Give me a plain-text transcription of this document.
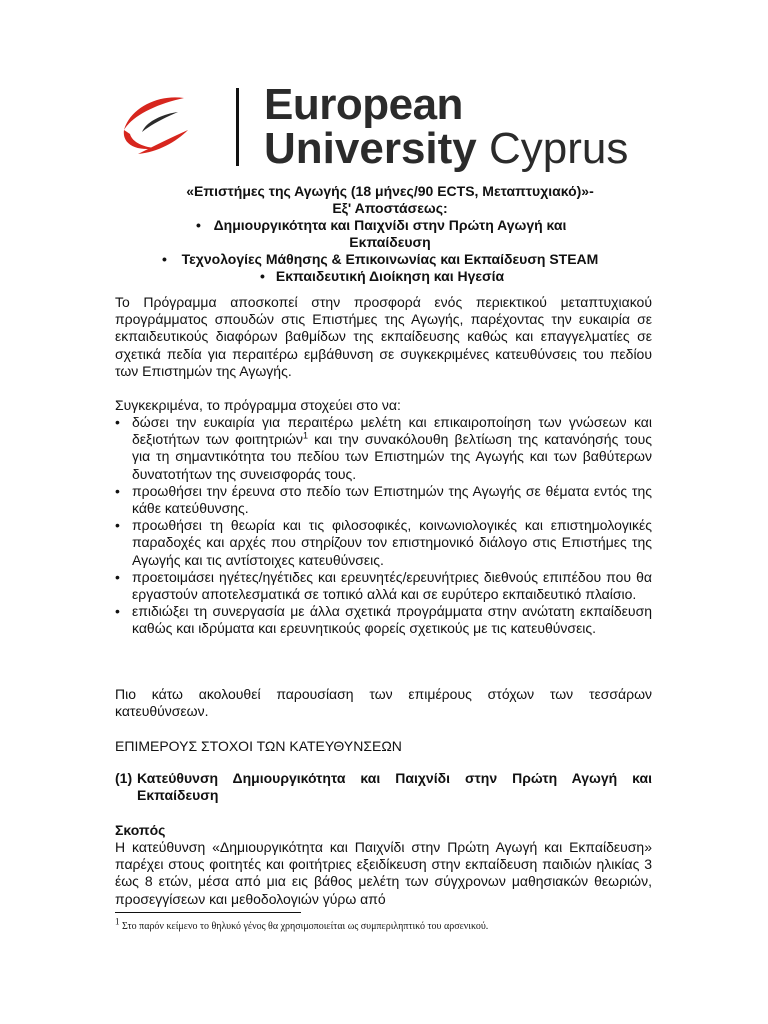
European
University Cyprus
«Επιστήμες της Αγωγής (18 μήνες/90 ECTS, Μεταπτυχιακό)»-
Εξ' Αποστάσεως:
• Δημιουργικότητα και Παιχνίδι στην Πρώτη Αγωγή και Εκπαίδευση
• Τεχνολογίες Μάθησης & Επικοινωνίας και Εκπαίδευση STEAM
• Εκπαιδευτική Διοίκηση και Ηγεσία

Το Πρόγραμμα αποσκοπεί στην προσφορά ενός περιεκτικού μεταπτυχιακού προγράμματος σπουδών στις Επιστήμες της Αγωγής, παρέχοντας την ευκαιρία σε εκπαιδευτικούς διαφόρων βαθμίδων της εκπαίδευσης καθώς και επαγγελματίες σε σχετικά πεδία για περαιτέρω εμβάθυνση σε συγκεκριμένες κατευθύνσεις του πεδίου των Επιστημών της Αγωγής.

Συγκεκριμένα, το πρόγραμμα στοχεύει στο να:

• δώσει την ευκαιρία για περαιτέρω μελέτη και επικαιροποίηση των γνώσεων και δεξιοτήτων των φοιτητριών$^1$ και την συνακόλουθη βελτίωση της κατανόησής τους για τη σημαντικότητα του πεδίου των Επιστημών της Αγωγής και των βαθύτερων δυνατοτήτων της συνεισφοράς τους.
• προωθήσει την έρευνα στο πεδίο των Επιστημών της Αγωγής σε θέματα εντός της κάθε κατεύθυνσης.
• προωθήσει τη θεωρία και τις φιλοσοφικές, κοινωνιολογικές και επιστημολογικές παραδοχές και αρχές που στηρίζουν τον επιστημονικό διάλογο στις Επιστήμες της Αγωγής και τις αντίστοιχες κατευθύνσεις.
• προετοιμάσει ηγέτες/ηγέτιδες και ερευνητές/ερευνήτριες διεθνούς επιπέδου που θα εργαστούν αποτελεσματικά σε τοπικό αλλά και σε ευρύτερο εκπαιδευτικό πλαίσιο.
• επιδιώξει τη συνεργασία με άλλα σχετικά προγράμματα στην ανώτατη εκπαίδευση καθώς και ιδρύματα και ερευνητικούς φορείς σχετικούς με τις κατευθύνσεις.

Πιο κάτω ακολουθεί παρουσίαση των επιμέρους στόχων των τεσσάρων κατευθύνσεων.

ΕΠΙΜΕΡΟΥΣ ΣΤΟΧΟΙ ΤΩΝ ΚΑΤΕΥΘΥΝΣΕΩΝ

(1) Κατεύθυνση Δημιουργικότητα και Παιχνίδι στην Πρώτη Αγωγή και Εκπαίδευση

Σκοπός

Η κατεύθυνση «Δημιουργικότητα και Παιχνίδι στην Πρώτη Αγωγή και Εκπαίδευση» παρέχει στους φοιτητές και φοιτήτριες εξειδίκευση στην εκπαίδευση παιδιών ηλικίας 3 έως 8 ετών, μέσα από μια εις βάθος μελέτη των σύγχρονων μαθησιακών θεωριών, προσεγγίσεων και μεθοδολογιών γύρω από

$^1$ Στο παρόν κείμενο το θηλυκό γένος θα χρησιμοποιείται ως συμπεριληπτικό του αρσενικού.
